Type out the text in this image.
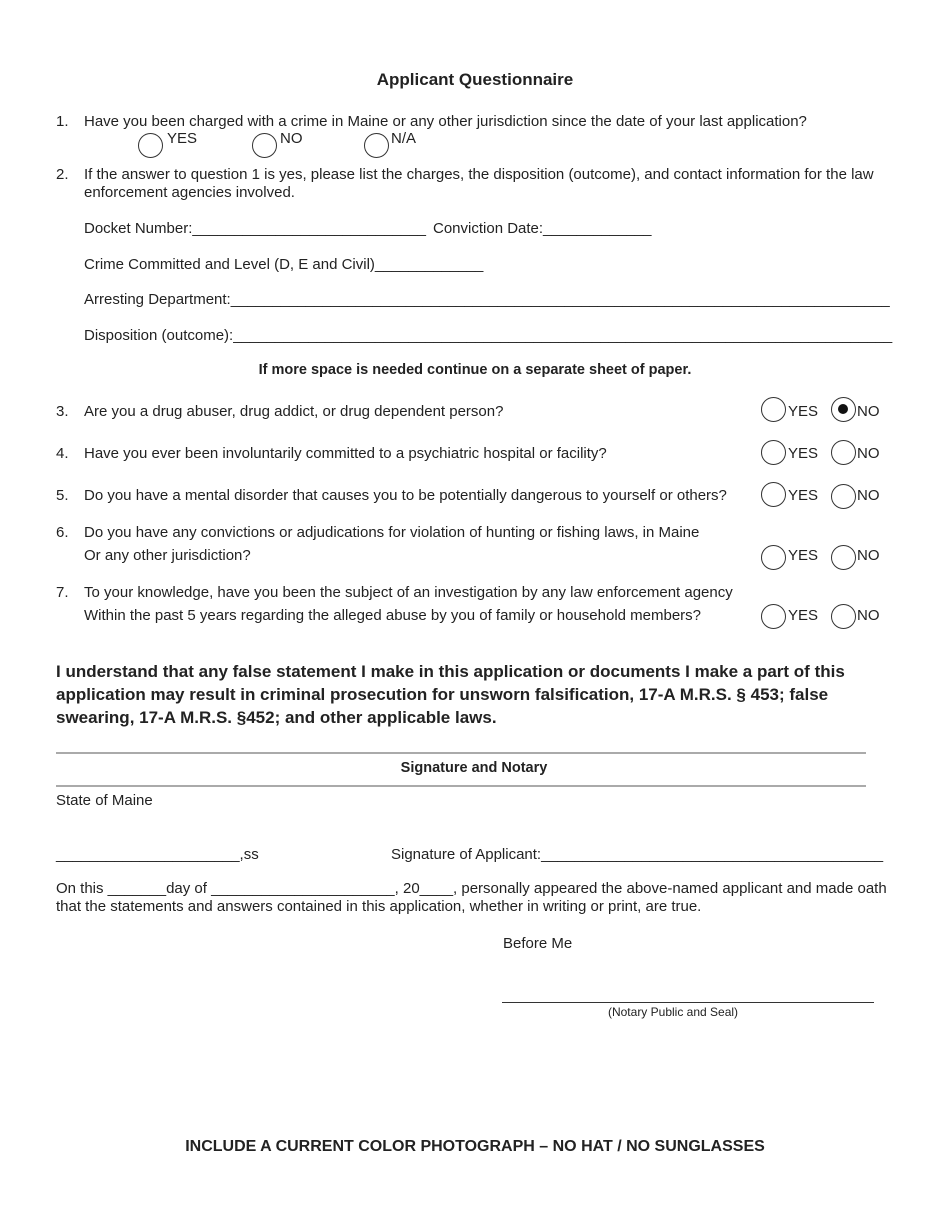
Applicant Questionnaire
1. Have you been charged with a crime in Maine or any other jurisdiction since the date of your last application?
YES	NO	N/A
2. If the answer to question 1 is yes, please list the charges, the disposition (outcome), and contact information for the law enforcement agencies involved.
Docket Number:____________________________ Conviction Date:_____________
Crime Committed and Level (D, E and Civil)_____________
Arresting Department:_______________________________________________________________________________
Disposition (outcome):_______________________________________________________________________________
If more space is needed continue on a separate sheet of paper.
3. Are you a drug abuser, drug addict, or drug dependent person?	YES	NO
4. Have you ever been involuntarily committed to a psychiatric hospital or facility?	YES	NO
5. Do you have a mental disorder that causes you to be potentially dangerous to yourself or others?	YES	NO
6. Do you have any convictions or adjudications for violation of hunting or fishing laws, in Maine
Or any other jurisdiction?	YES	NO
7. To your knowledge, have you been the subject of an investigation by any law enforcement agency
Within the past 5 years regarding the alleged abuse by you of family or household members?	YES	NO
I understand that any false statement I make in this application or documents I make a part of this application may result in criminal prosecution for unsworn falsification, 17-A M.R.S. § 453; false swearing, 17-A M.R.S. §452; and other applicable laws.
Signature and Notary
State of Maine
______________________,ss	Signature of Applicant:_________________________________________
On this _______day of ______________________, 20____, personally appeared the above-named applicant and made oath that the statements and answers contained in this application, whether in writing or print, are true.
Before Me
(Notary Public and Seal)
INCLUDE A CURRENT COLOR PHOTOGRAPH – NO HAT / NO SUNGLASSES
